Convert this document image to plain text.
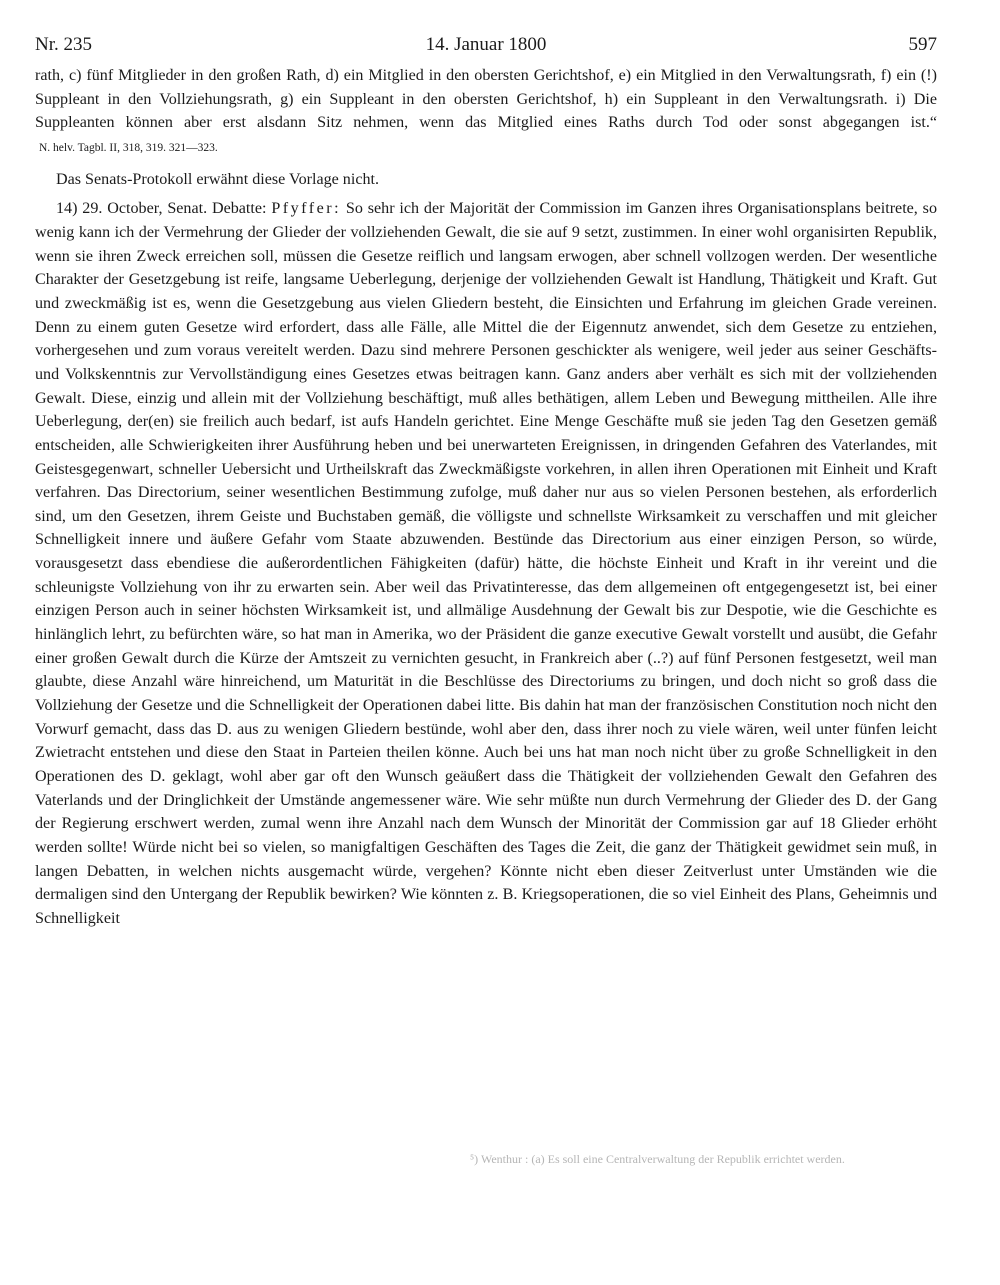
Nr. 235	14. Januar 1800	597

rath, c) fünf Mitglieder in den großen Rath, d) ein Mitglied in den obersten Gerichtshof, e) ein Mitglied in den Verwaltungsrath, f) ein (!) Suppleant in den Vollziehungsrath, g) ein Suppleant in den obersten Gerichtshof, h) ein Suppleant in den Verwaltungsrath. i) Die Suppleanten können aber erst alsdann Sitz nehmen, wenn das Mitglied eines Raths durch Tod oder sonst abgegangen ist.“ N. helv. Tagbl. II, 318, 319. 321—323.

Das Senats-Protokoll erwähnt diese Vorlage nicht.

14) 29. October, Senat. Debatte: Pfyffer: So sehr ich der Majorität der Commission im Ganzen ihres Organisationsplans beitrete, so wenig kann ich der Vermehrung der Glieder der vollziehenden Gewalt, die sie auf 9 setzt, zustimmen. In einer wohl organisirten Republik, wenn sie ihren Zweck erreichen soll, müssen die Gesetze reiflich und langsam erwogen, aber schnell vollzogen werden. Der wesentliche Charakter der Gesetzgebung ist reife, langsame Ueberlegung, derjenige der vollziehenden Gewalt ist Handlung, Thätigkeit und Kraft. Gut und zweckmäßig ist es, wenn die Gesetzgebung aus vielen Gliedern besteht, die Einsichten und Erfahrung im gleichen Grade vereinen. Denn zu einem guten Gesetze wird erfordert, dass alle Fälle, alle Mittel die der Eigennutz anwendet, sich dem Gesetze zu entziehen, vorhergesehen und zum voraus vereitelt werden. Dazu sind mehrere Personen geschickter als wenigere, weil jeder aus seiner Geschäfts- und Volkskenntnis zur Vervollständigung eines Gesetzes etwas beitragen kann. Ganz anders aber verhält es sich mit der vollziehenden Gewalt. Diese, einzig und allein mit der Vollziehung beschäftigt, muß alles bethätigen, allem Leben und Bewegung mittheilen. Alle ihre Ueberlegung, der(en) sie freilich auch bedarf, ist aufs Handeln gerichtet. Eine Menge Geschäfte muß sie jeden Tag den Gesetzen gemäß entscheiden, alle Schwierigkeiten ihrer Ausführung heben und bei unerwarteten Ereignissen, in dringenden Gefahren des Vaterlandes, mit Geistesgegenwart, schneller Uebersicht und Urtheilskraft das Zweckmäßigste vorkehren, in allen ihren Operationen mit Einheit und Kraft verfahren. Das Directorium, seiner wesentlichen Bestimmung zufolge, muß daher nur aus so vielen Personen bestehen, als erforderlich sind, um den Gesetzen, ihrem Geiste und Buchstaben gemäß, die völligste und schnellste Wirksamkeit zu verschaffen und mit gleicher Schnelligkeit innere und äußere Gefahr vom Staate abzuwenden. Bestünde das Directorium aus einer einzigen Person, so würde, vorausgesetzt dass ebendiese die außerordentlichen Fähigkeiten (dafür) hätte, die höchste Einheit und Kraft in ihr vereint und die schleunigste Vollziehung von ihr zu erwarten sein. Aber weil das Privatinteresse, das dem allgemeinen oft entgegengesetzt ist, bei einer einzigen Person auch in seiner höchsten Wirksamkeit ist, und allmälige Ausdehnung der Gewalt bis zur Despotie, wie die Geschichte es hinlänglich lehrt, zu befürchten wäre, so hat man in Amerika, wo der Präsident die ganze executive Gewalt vorstellt und ausübt, die Gefahr einer großen Gewalt durch die Kürze der Amtszeit zu vernichten gesucht, in Frankreich aber (..?) auf fünf Personen festgesetzt, weil man glaubte, diese Anzahl wäre hinreichend, um Maturität in die Beschlüsse des Directoriums zu bringen, und doch nicht so groß dass die Vollziehung der Gesetze und die Schnelligkeit der Operationen dabei litte. Bis dahin hat man der französischen Constitution noch nicht den Vorwurf gemacht, dass das D. aus zu wenigen Gliedern bestünde, wohl aber den, dass ihrer noch zu viele wären, weil unter fünfen leicht Zwietracht entstehen und diese den Staat in Parteien theilen könne. Auch bei uns hat man noch nicht über zu große Schnelligkeit in den Operationen des D. geklagt, wohl aber gar oft den Wunsch geäußert dass die Thätigkeit der vollziehenden Gewalt den Gefahren des Vaterlands und der Dringlichkeit der Umstände angemessener wäre. Wie sehr müßte nun durch Vermehrung der Glieder des D. der Gang der Regierung erschwert werden, zumal wenn ihre Anzahl nach dem Wunsch der Minorität der Commission gar auf 18 Glieder erhöht werden sollte! Würde nicht bei so vielen, so manigfaltigen Geschäften des Tages die Zeit, die ganz der Thätigkeit gewidmet sein muß, in langen Debatten, in welchen nichts ausgemacht würde, vergehen? Könnte nicht eben dieser Zeitverlust unter Umständen wie die dermaligen sind den Untergang der Republik bewirken? Wie könnten z. B. Kriegsoperationen, die so viel Einheit des Plans, Geheimnis und Schnelligkeit

⁵) Wenthur : (a) Es soll eine Centralverwaltung der Republik errichtet werden.
